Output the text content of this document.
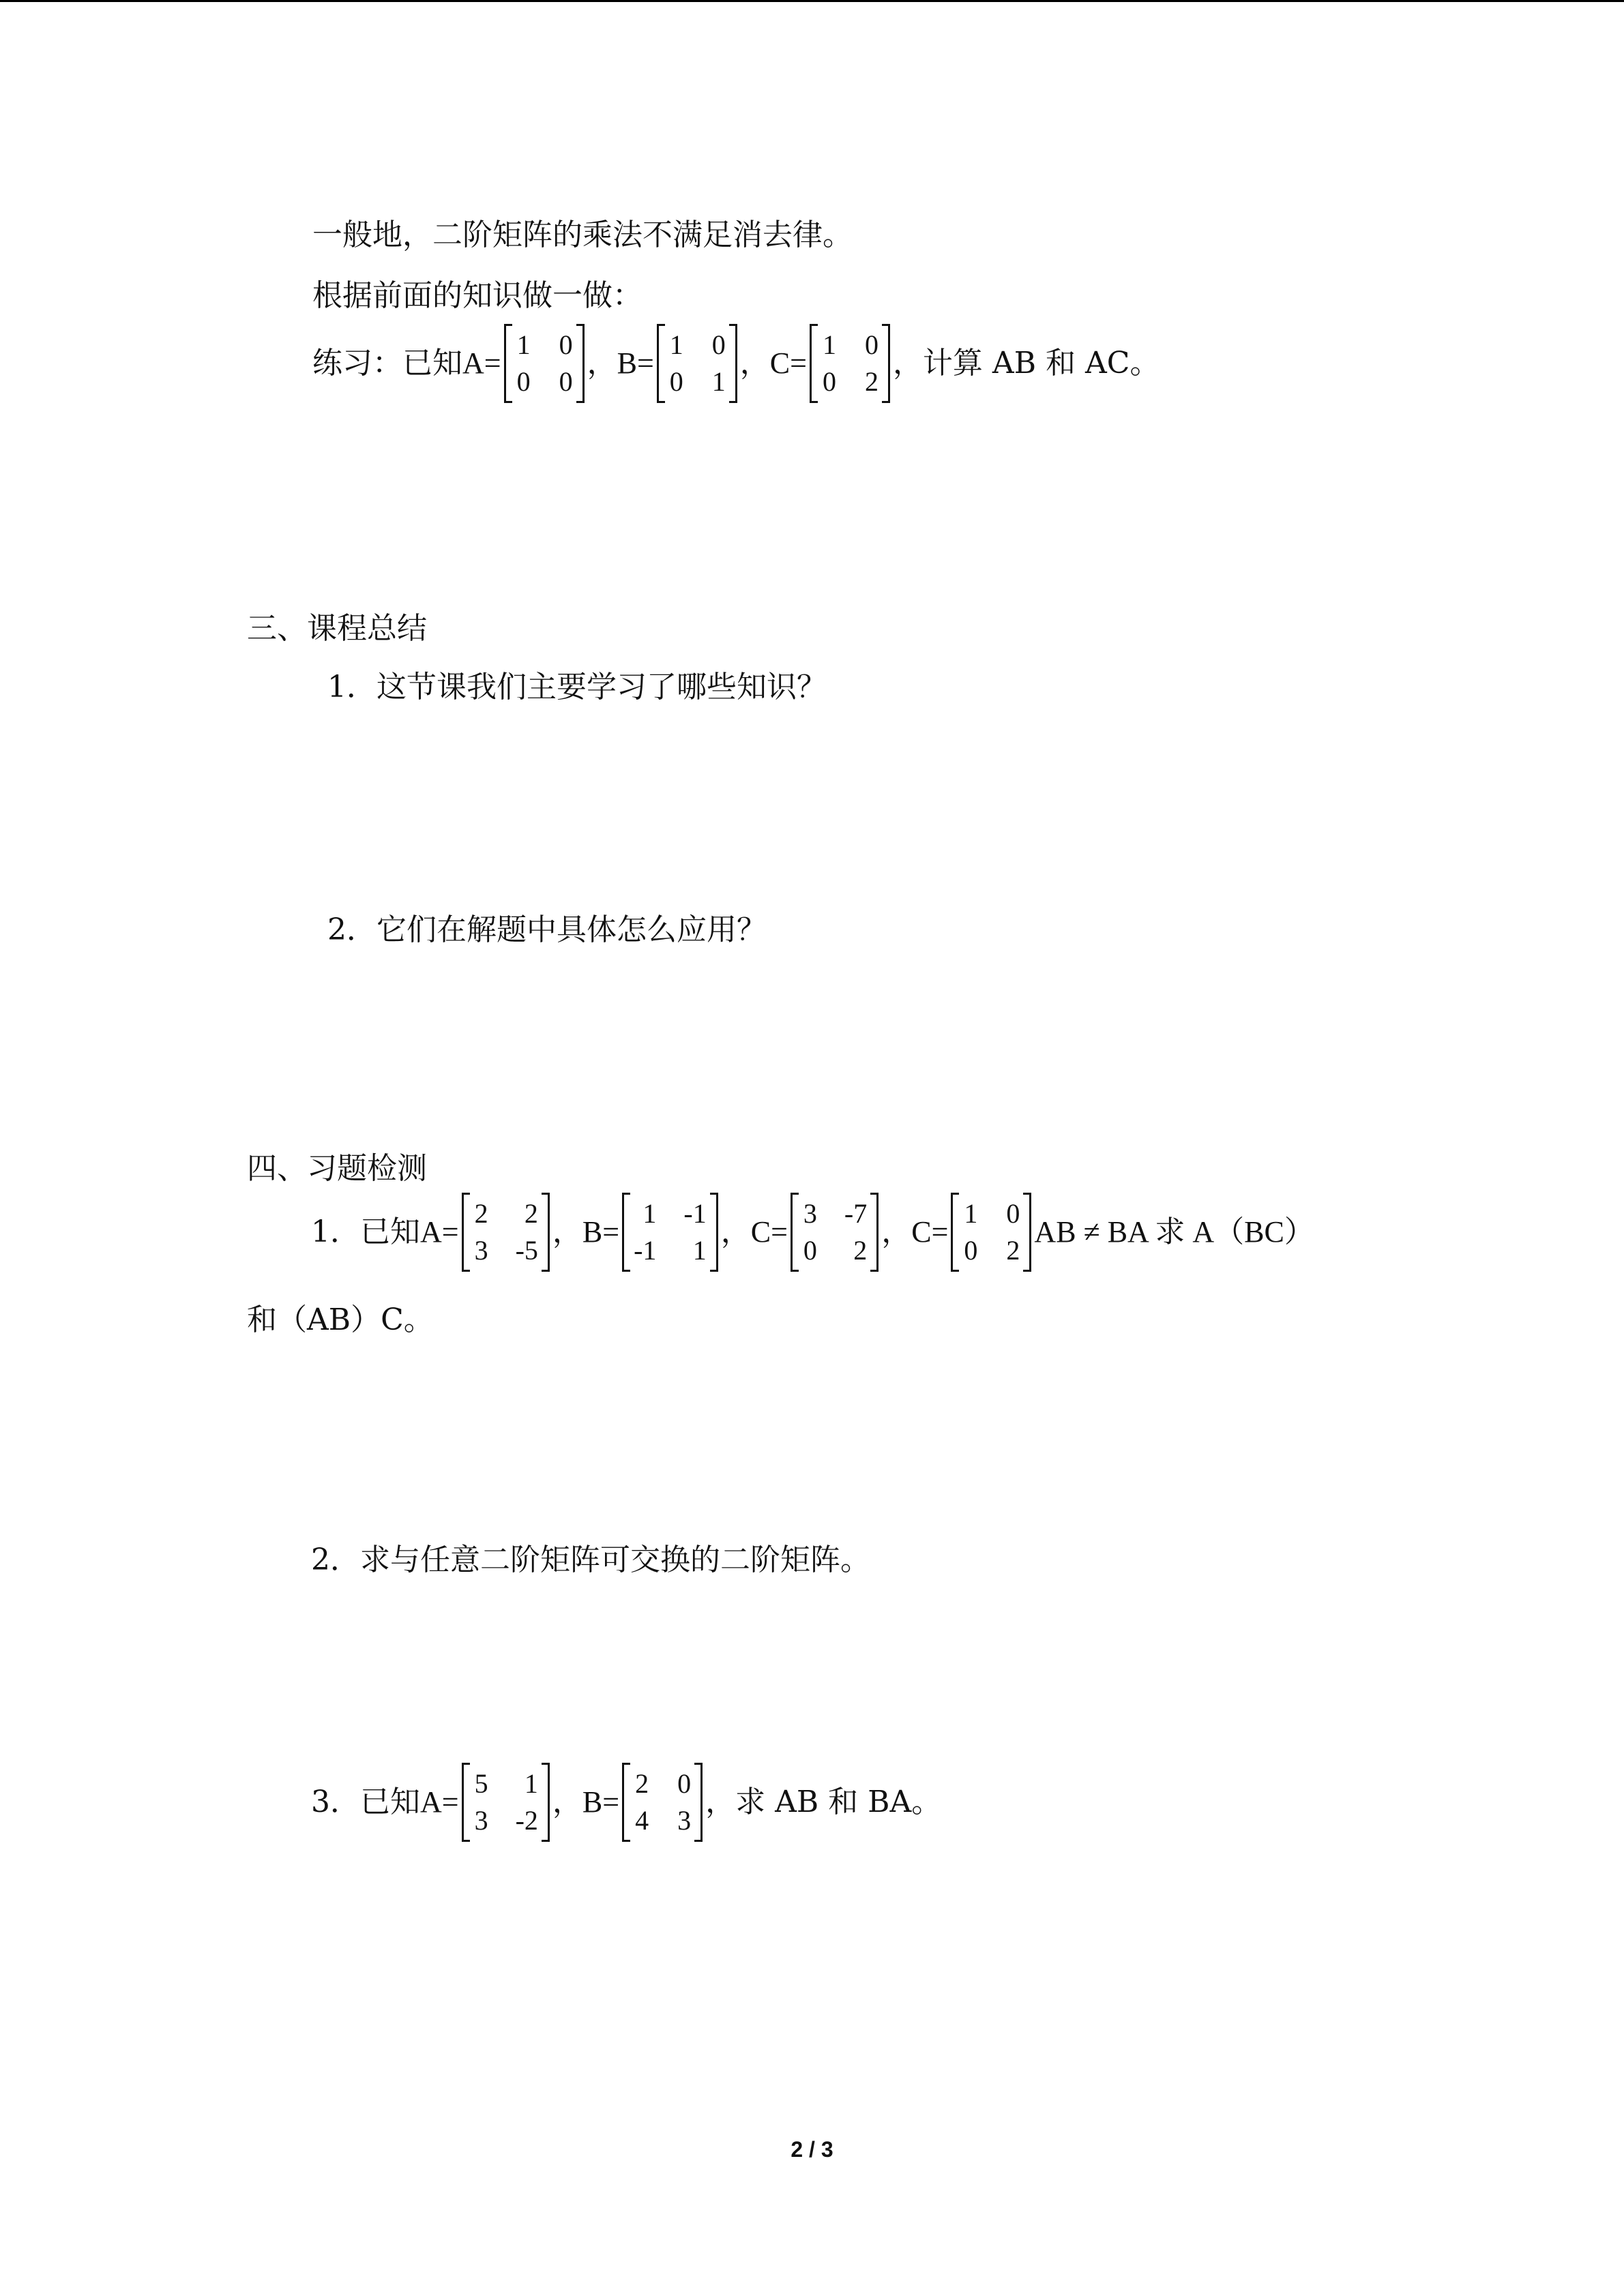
一般地，二阶矩阵的乘法不满足消去律。
根据前面的知识做一做：
练习：已知 A=
1 0
0 0
， B=
1 0
0 1
， C=
1 0
0 2
，计算 AB 和 AC。
三、课程总结
1．这节课我们主要学习了哪些知识？
2．它们在解题中具体怎么应用？
四、习题检测
1．已知 A=
2	2
3 -5
， B=
1 -1
-1	1
， C=
3 -7
0	2
， C=
1 0
0 2
AB ≠ BA 求 A（BC）
和（AB）C。
2．求与任意二阶矩阵可交换的二阶矩阵。
3．已知 A=
5	1
3 -2
， B=
2 0
4 3
，求 AB 和 BA。
2 / 3
